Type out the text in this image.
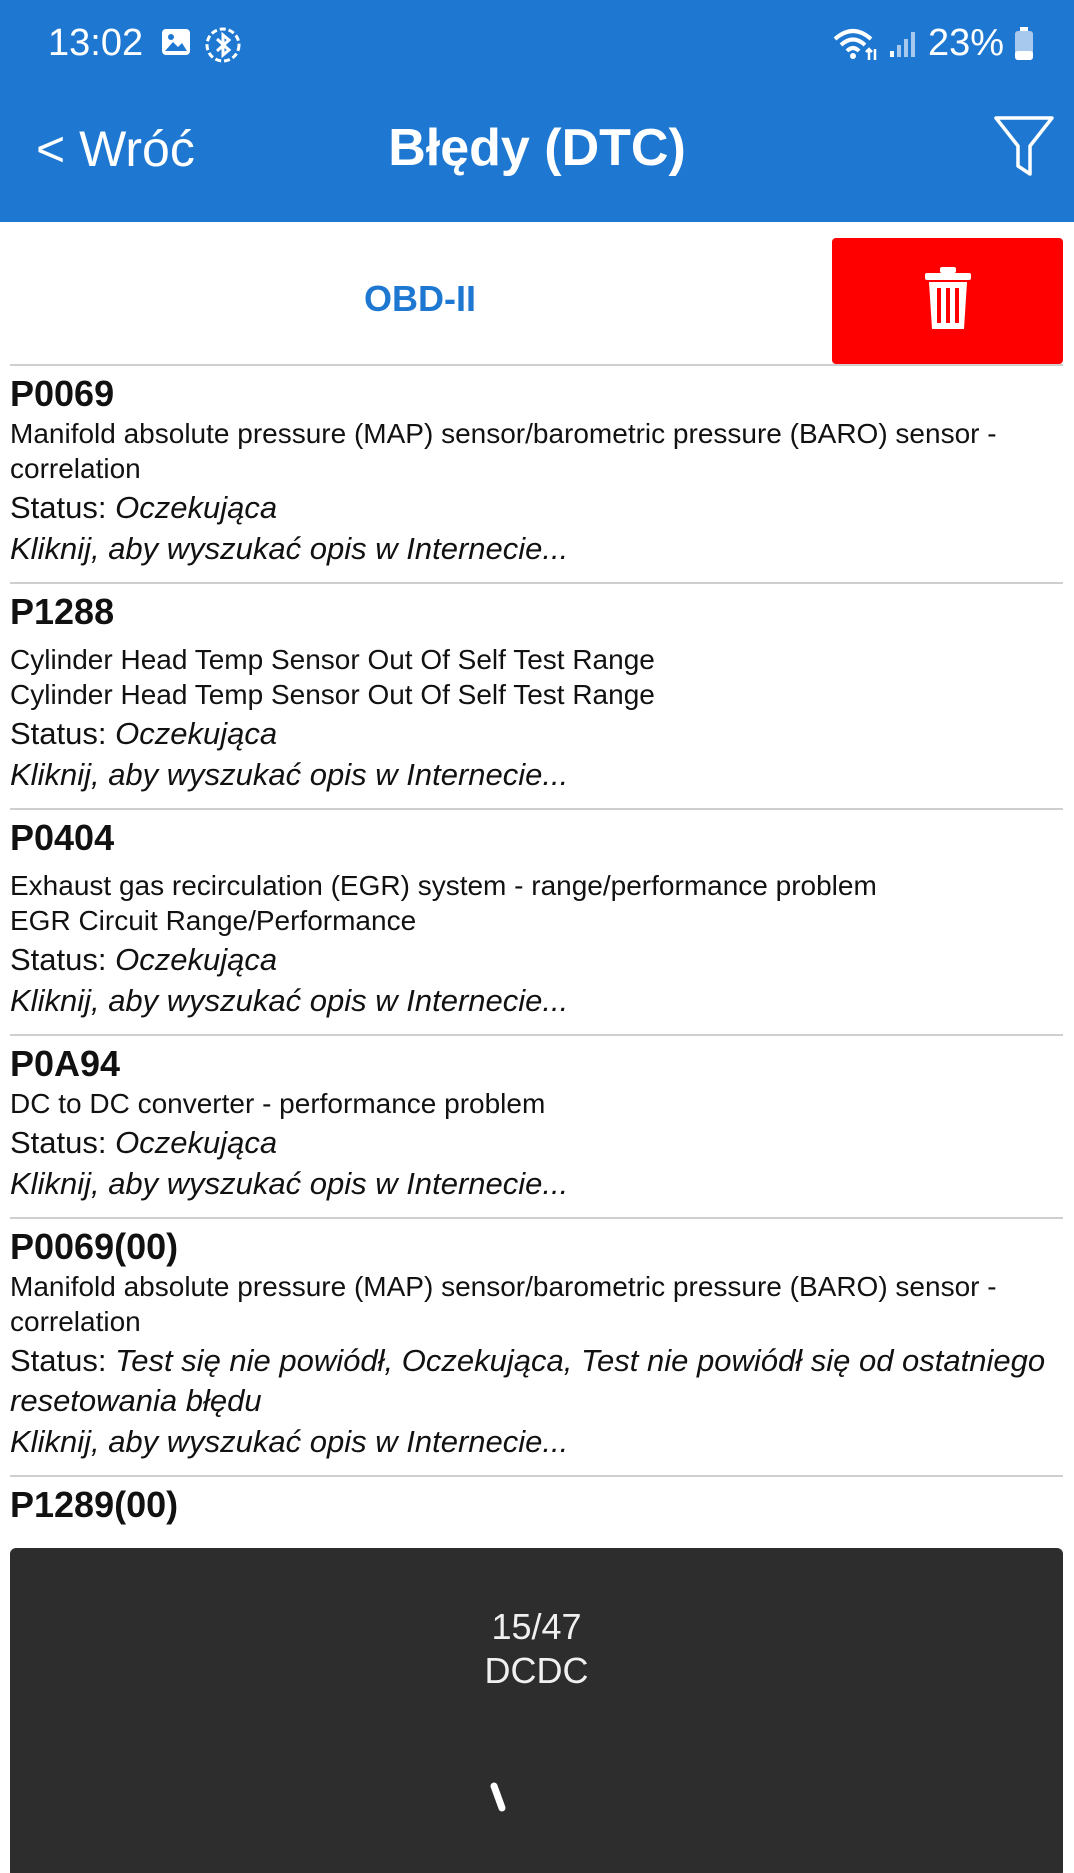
13:02	23%
< Wróć	Błędy (DTC)
OBD-II
P0069
Manifold absolute pressure (MAP) sensor/barometric pressure (BARO) sensor - correlation
Status: Oczekująca
Kliknij, aby wyszukać opis w Internecie...
P1288
Cylinder Head Temp Sensor Out Of Self Test Range
Cylinder Head Temp Sensor Out Of Self Test Range
Status: Oczekująca
Kliknij, aby wyszukać opis w Internecie...
P0404
Exhaust gas recirculation (EGR) system - range/performance problem
EGR Circuit Range/Performance
Status: Oczekująca
Kliknij, aby wyszukać opis w Internecie...
P0A94
DC to DC converter - performance problem
Status: Oczekująca
Kliknij, aby wyszukać opis w Internecie...
P0069(00)
Manifold absolute pressure (MAP) sensor/barometric pressure (BARO) sensor - correlation
Status: Test się nie powiódł, Oczekująca, Test nie powiódł się od ostatniego resetowania błędu
Kliknij, aby wyszukać opis w Internecie...
P1289(00)
15/47
DCDC
